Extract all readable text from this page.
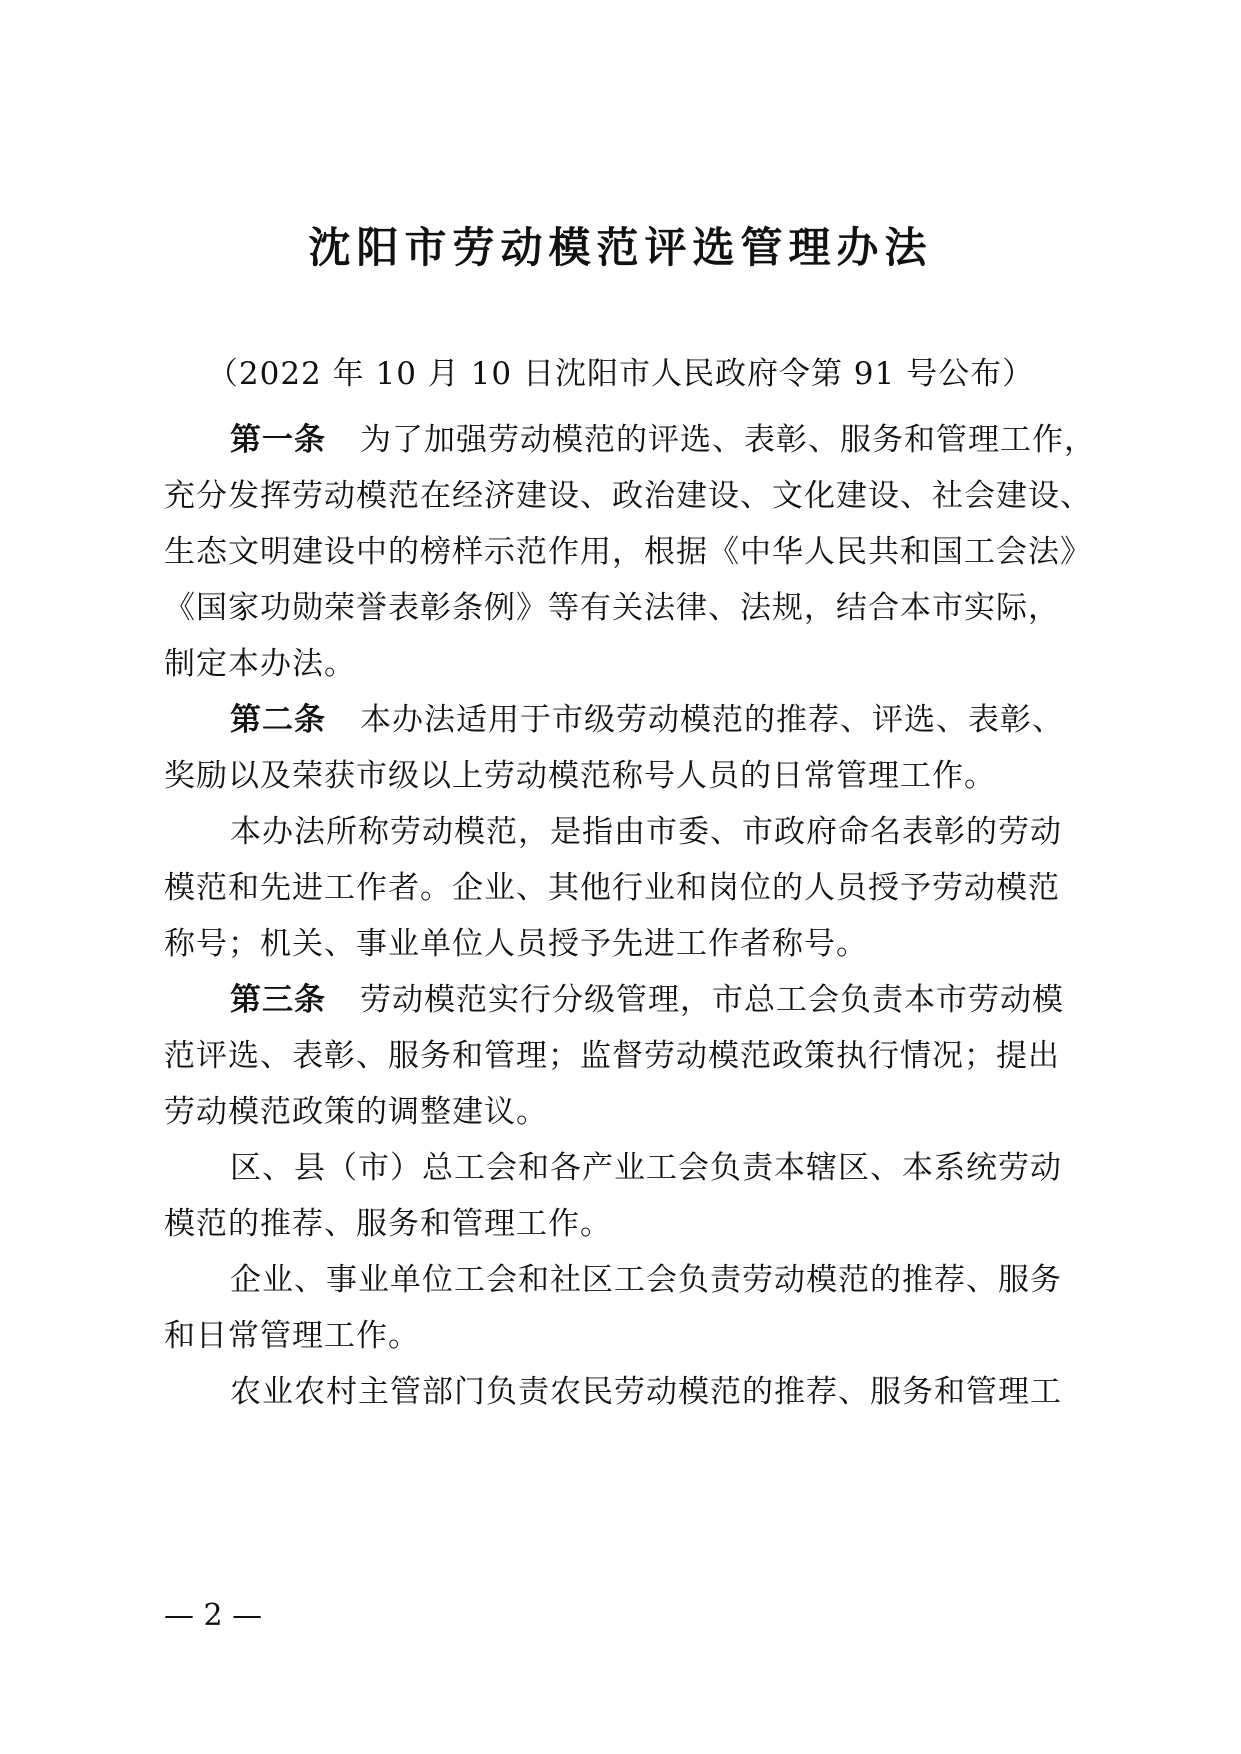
沈阳市劳动模范评选管理办法
（2022 年 10 月 10 日沈阳市人民政府令第 91 号公布）
第一条 为了加强劳动模范的评选、表彰、服务和管理工作，
充分发挥劳动模范在经济建设、政治建设、文化建设、社会建设、
生态文明建设中的榜样示范作用，根据《中华人民共和国工会法》
《国家功勋荣誉表彰条例》等有关法律、法规，结合本市实际，
制定本办法。
第二条 本办法适用于市级劳动模范的推荐、评选、表彰、
奖励以及荣获市级以上劳动模范称号人员的日常管理工作。
本办法所称劳动模范，是指由市委、市政府命名表彰的劳动
模范和先进工作者。企业、其他行业和岗位的人员授予劳动模范
称号；机关、事业单位人员授予先进工作者称号。
第三条 劳动模范实行分级管理，市总工会负责本市劳动模
范评选、表彰、服务和管理；监督劳动模范政策执行情况；提出
劳动模范政策的调整建议。
区、县（市）总工会和各产业工会负责本辖区、本系统劳动
模范的推荐、服务和管理工作。
企业、事业单位工会和社区工会负责劳动模范的推荐、服务
和日常管理工作。
农业农村主管部门负责农民劳动模范的推荐、服务和管理工
— 2 —
